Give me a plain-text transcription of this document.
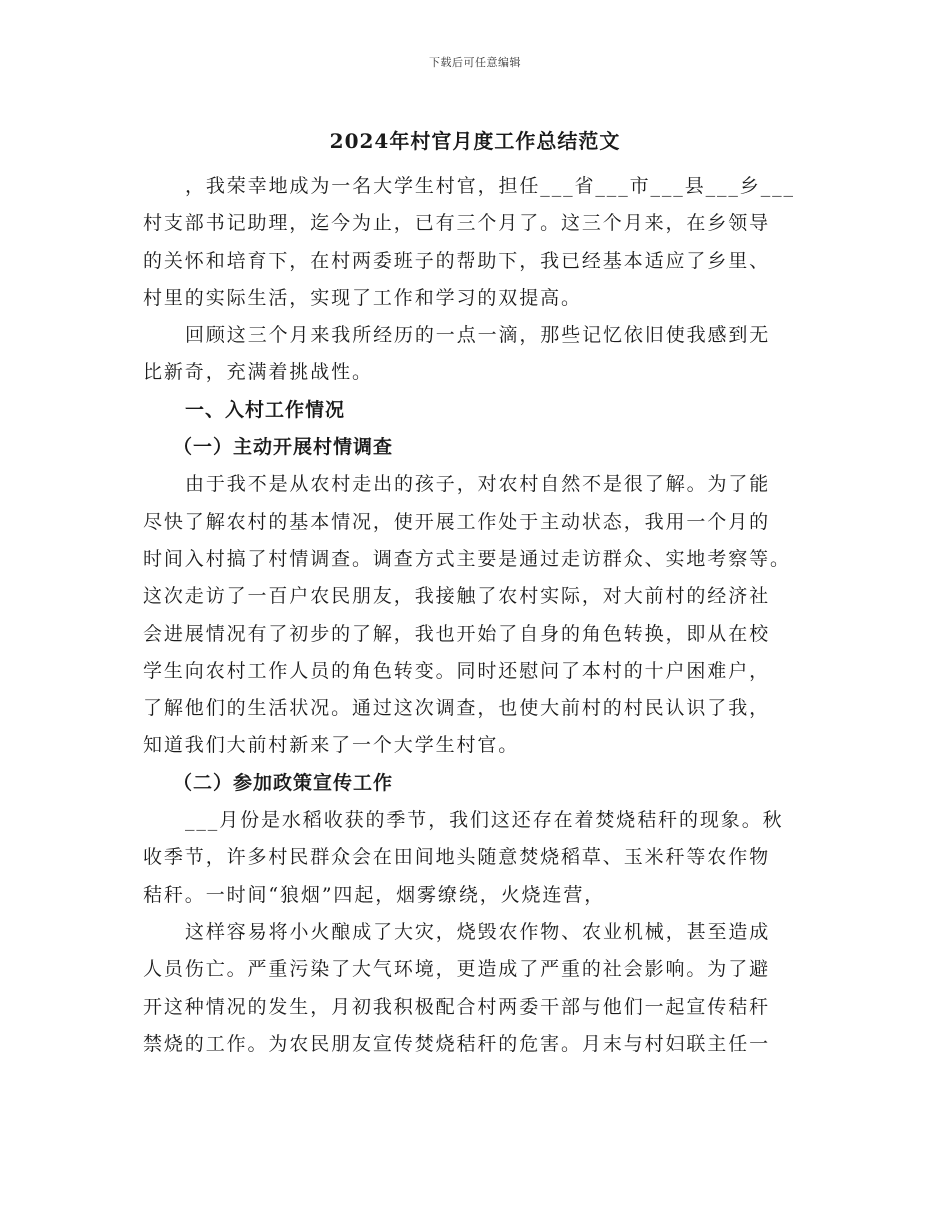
下载后可任意编辑
2024年村官月度工作总结范文
，我荣幸地成为一名大学生村官，担任___省___市___县___乡___
村支部书记助理，迄今为止，已有三个月了。这三个月来，在乡领导
的关怀和培育下，在村两委班子的帮助下，我已经基本适应了乡里、
村里的实际生活，实现了工作和学习的双提高。
回顾这三个月来我所经历的一点一滴，那些记忆依旧使我感到无
比新奇，充满着挑战性。
一、入村工作情况
（一）主动开展村情调查
由于我不是从农村走出的孩子，对农村自然不是很了解。为了能
尽快了解农村的基本情况，使开展工作处于主动状态，我用一个月的
时间入村搞了村情调查。调查方式主要是通过走访群众、实地考察等。
这次走访了一百户农民朋友，我接触了农村实际，对大前村的经济社
会进展情况有了初步的了解，我也开始了自身的角色转换，即从在校
学生向农村工作人员的角色转变。同时还慰问了本村的十户困难户，
了解他们的生活状况。通过这次调查，也使大前村的村民认识了我，
知道我们大前村新来了一个大学生村官。
（二）参加政策宣传工作
___月份是水稻收获的季节，我们这还存在着焚烧秸秆的现象。秋
收季节，许多村民群众会在田间地头随意焚烧稻草、玉米秆等农作物
秸秆。一时间“狼烟”四起，烟雾缭绕，火烧连营，
这样容易将小火酿成了大灾，烧毁农作物、农业机械，甚至造成
人员伤亡。严重污染了大气环境，更造成了严重的社会影响。为了避
开这种情况的发生，月初我积极配合村两委干部与他们一起宣传秸秆
禁烧的工作。为农民朋友宣传焚烧秸秆的危害。月末与村妇联主任一
